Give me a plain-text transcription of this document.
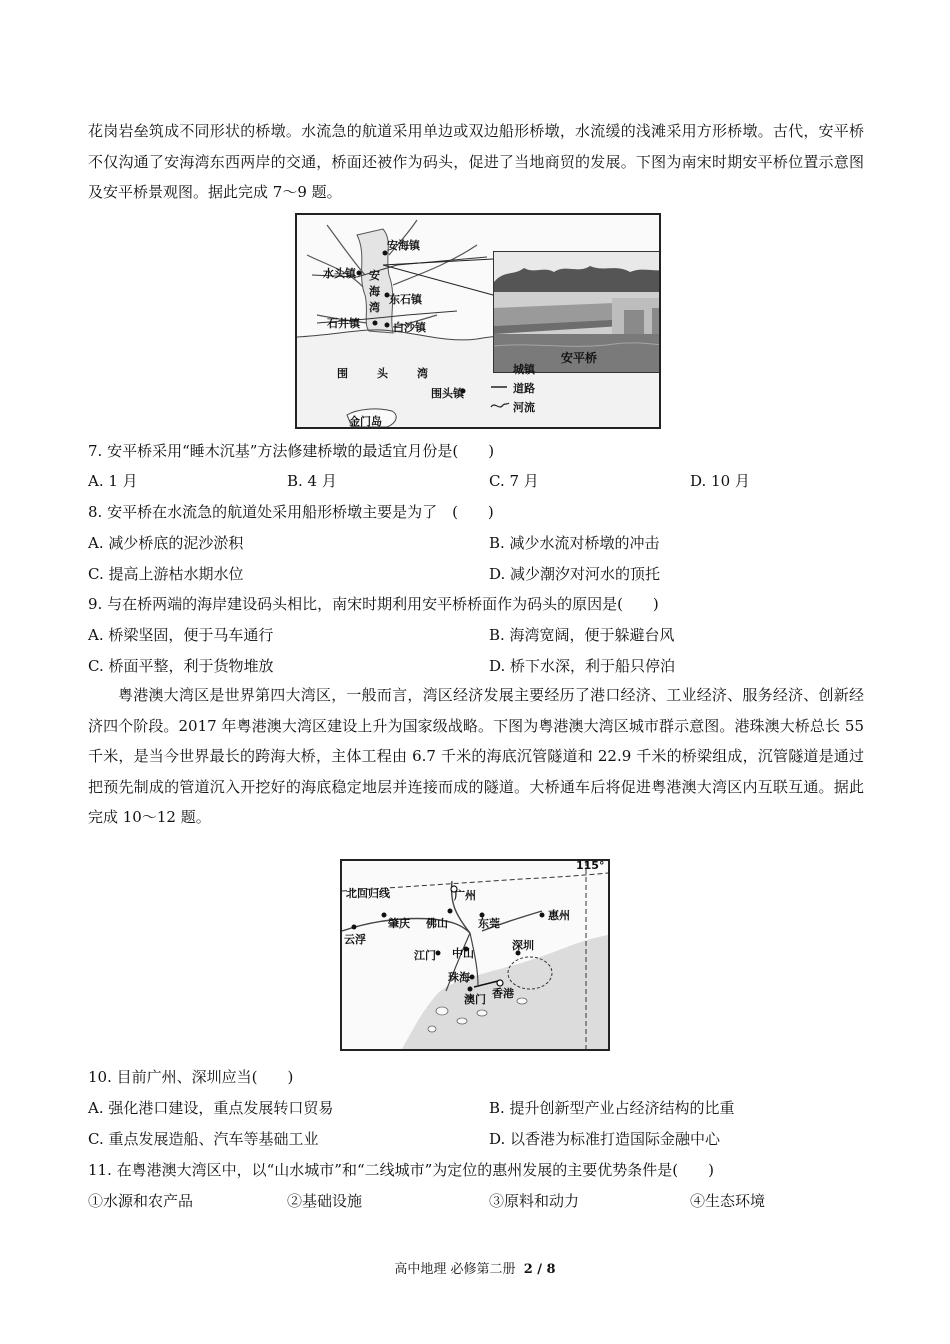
花岗岩垒筑成不同形状的桥墩。水流急的航道采用单边或双边船形桥墩，水流缓的浅滩采用方形桥墩。古代，安平桥不仅沟通了安海湾东西两岸的交通，桥面还被作为码头，促进了当地商贸的发展。下图为南宋时期安平桥位置示意图及安平桥景观图。据此完成 7～9 题。

安海镇
水头镇 安
海
湾
东石镇
石井镇	白沙镇
围	头	湾
围头镇
金门岛
安平桥
城镇
道路
河流

7. 安平桥采用“睡木沉基”方法修建桥墩的最适宜月份是(　　)

A. 1 月	B. 4 月	C. 7 月	D. 10 月

8. 安平桥在水流急的航道处采用船形桥墩主要是为了　(　　)

A. 减少桥底的泥沙淤积	B. 减少水流对桥墩的冲击
C. 提高上游枯水期水位	D. 减少潮汐对河水的顶托

9. 与在桥两端的海岸建设码头相比，南宋时期利用安平桥桥面作为码头的原因是(　　)

A. 桥梁坚固，便于马车通行	B. 海湾宽阔，便于躲避台风
C. 桥面平整，利于货物堆放	D. 桥下水深，利于船只停泊

粤港澳大湾区是世界第四大湾区，一般而言，湾区经济发展主要经历了港口经济、工业经济、服务经济、创新经济四个阶段。2017 年粤港澳大湾区建设上升为国家级战略。下图为粤港澳大湾区城市群示意图。港珠澳大桥总长 55 千米，是当今世界最长的跨海大桥，主体工程由 6.7 千米的海底沉管隧道和 22.9 千米的桥梁组成，沉管隧道是通过把预先制成的管道沉入开挖好的海底稳定地层并连接而成的隧道。大桥通车后将促进粤港澳大湾区内互联互通。据此完成 10～12 题。

115°
北回归线	广州
肇庆 佛山	东莞
惠州
云浮
江门 中山
深圳
珠海
澳门 香港

10. 目前广州、深圳应当(　　)

A. 强化港口建设，重点发展转口贸易	B. 提升创新型产业占经济结构的比重
C. 重点发展造船、汽车等基础工业	D. 以香港为标准打造国际金融中心

11. 在粤港澳大湾区中，以“山水城市”和“二线城市”为定位的惠州发展的主要优势条件是(　　)

①水源和农产品	②基础设施	③原料和动力	④生态环境
高中地理 必修第二册 2 / 8
